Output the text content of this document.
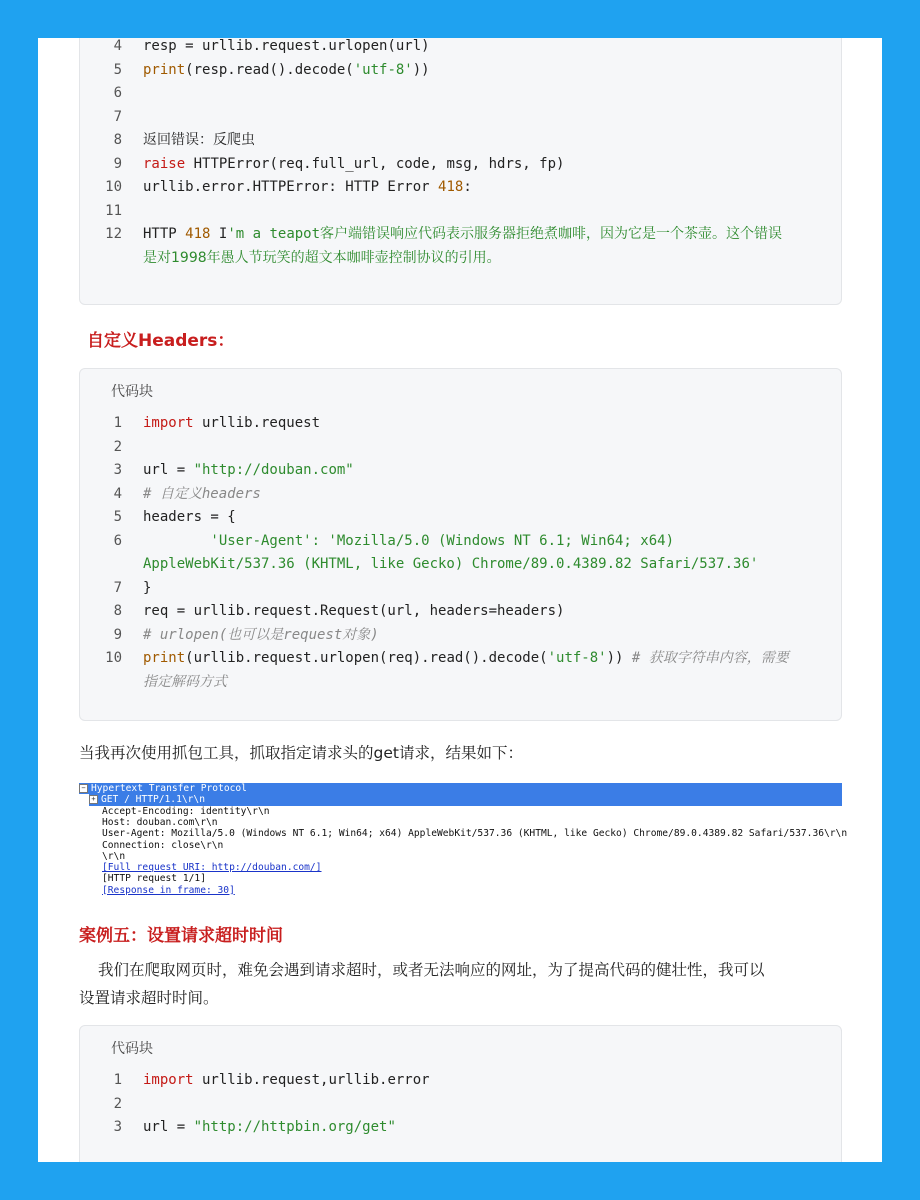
4 resp = urllib.request.urlopen(url)
5 print(resp.read().decode('utf-8'))
6
7
8 返回错误：反爬虫
9 raise HTTPError(req.full_url, code, msg, hdrs, fp)
10 urllib.error.HTTPError: HTTP Error 418:
11
12 HTTP 418 I'm a teapot客户端错误响应代码表示服务器拒绝煮咖啡，因为它是一个茶壶。这个错误
是对1998年愚人节玩笑的超文本咖啡壶控制协议的引用。
自定义Headers：
代码块
1 import urllib.request
2
3 url = "http://douban.com"
4 # 自定义headers
5 headers = {
6 'User-Agent': 'Mozilla/5.0 (Windows NT 6.1; Win64; x64)
AppleWebKit/537.36 (KHTML, like Gecko) Chrome/89.0.4389.82 Safari/537.36'
7 }
8 req = urllib.request.Request(url, headers=headers)
9 # urlopen(也可以是request对象)
10 print(urllib.request.urlopen(req).read().decode('utf-8')) # 获取字符串内容，需要
指定解码方式
当我再次使用抓包工具，抓取指定请求头的get请求，结果如下：
− Hypertext Transfer Protocol
+ GET / HTTP/1.1\r\n
Accept-Encoding: identity\r\n
Host: douban.com\r\n
User-Agent: Mozilla/5.0 (Windows NT 6.1; Win64; x64) AppleWebKit/537.36 (KHTML, like Gecko) Chrome/89.0.4389.82 Safari/537.36\r\n
Connection: close\r\n
\r\n
[Full request URI: http://douban.com/]
[HTTP request 1/1]
[Response in frame: 30]
案例五：设置请求超时时间
我们在爬取网页时，难免会遇到请求超时，或者无法响应的网址，为了提高代码的健壮性，我可以
设置请求超时时间。
代码块
1 import urllib.request,urllib.error
2
3 url = "http://httpbin.org/get"
